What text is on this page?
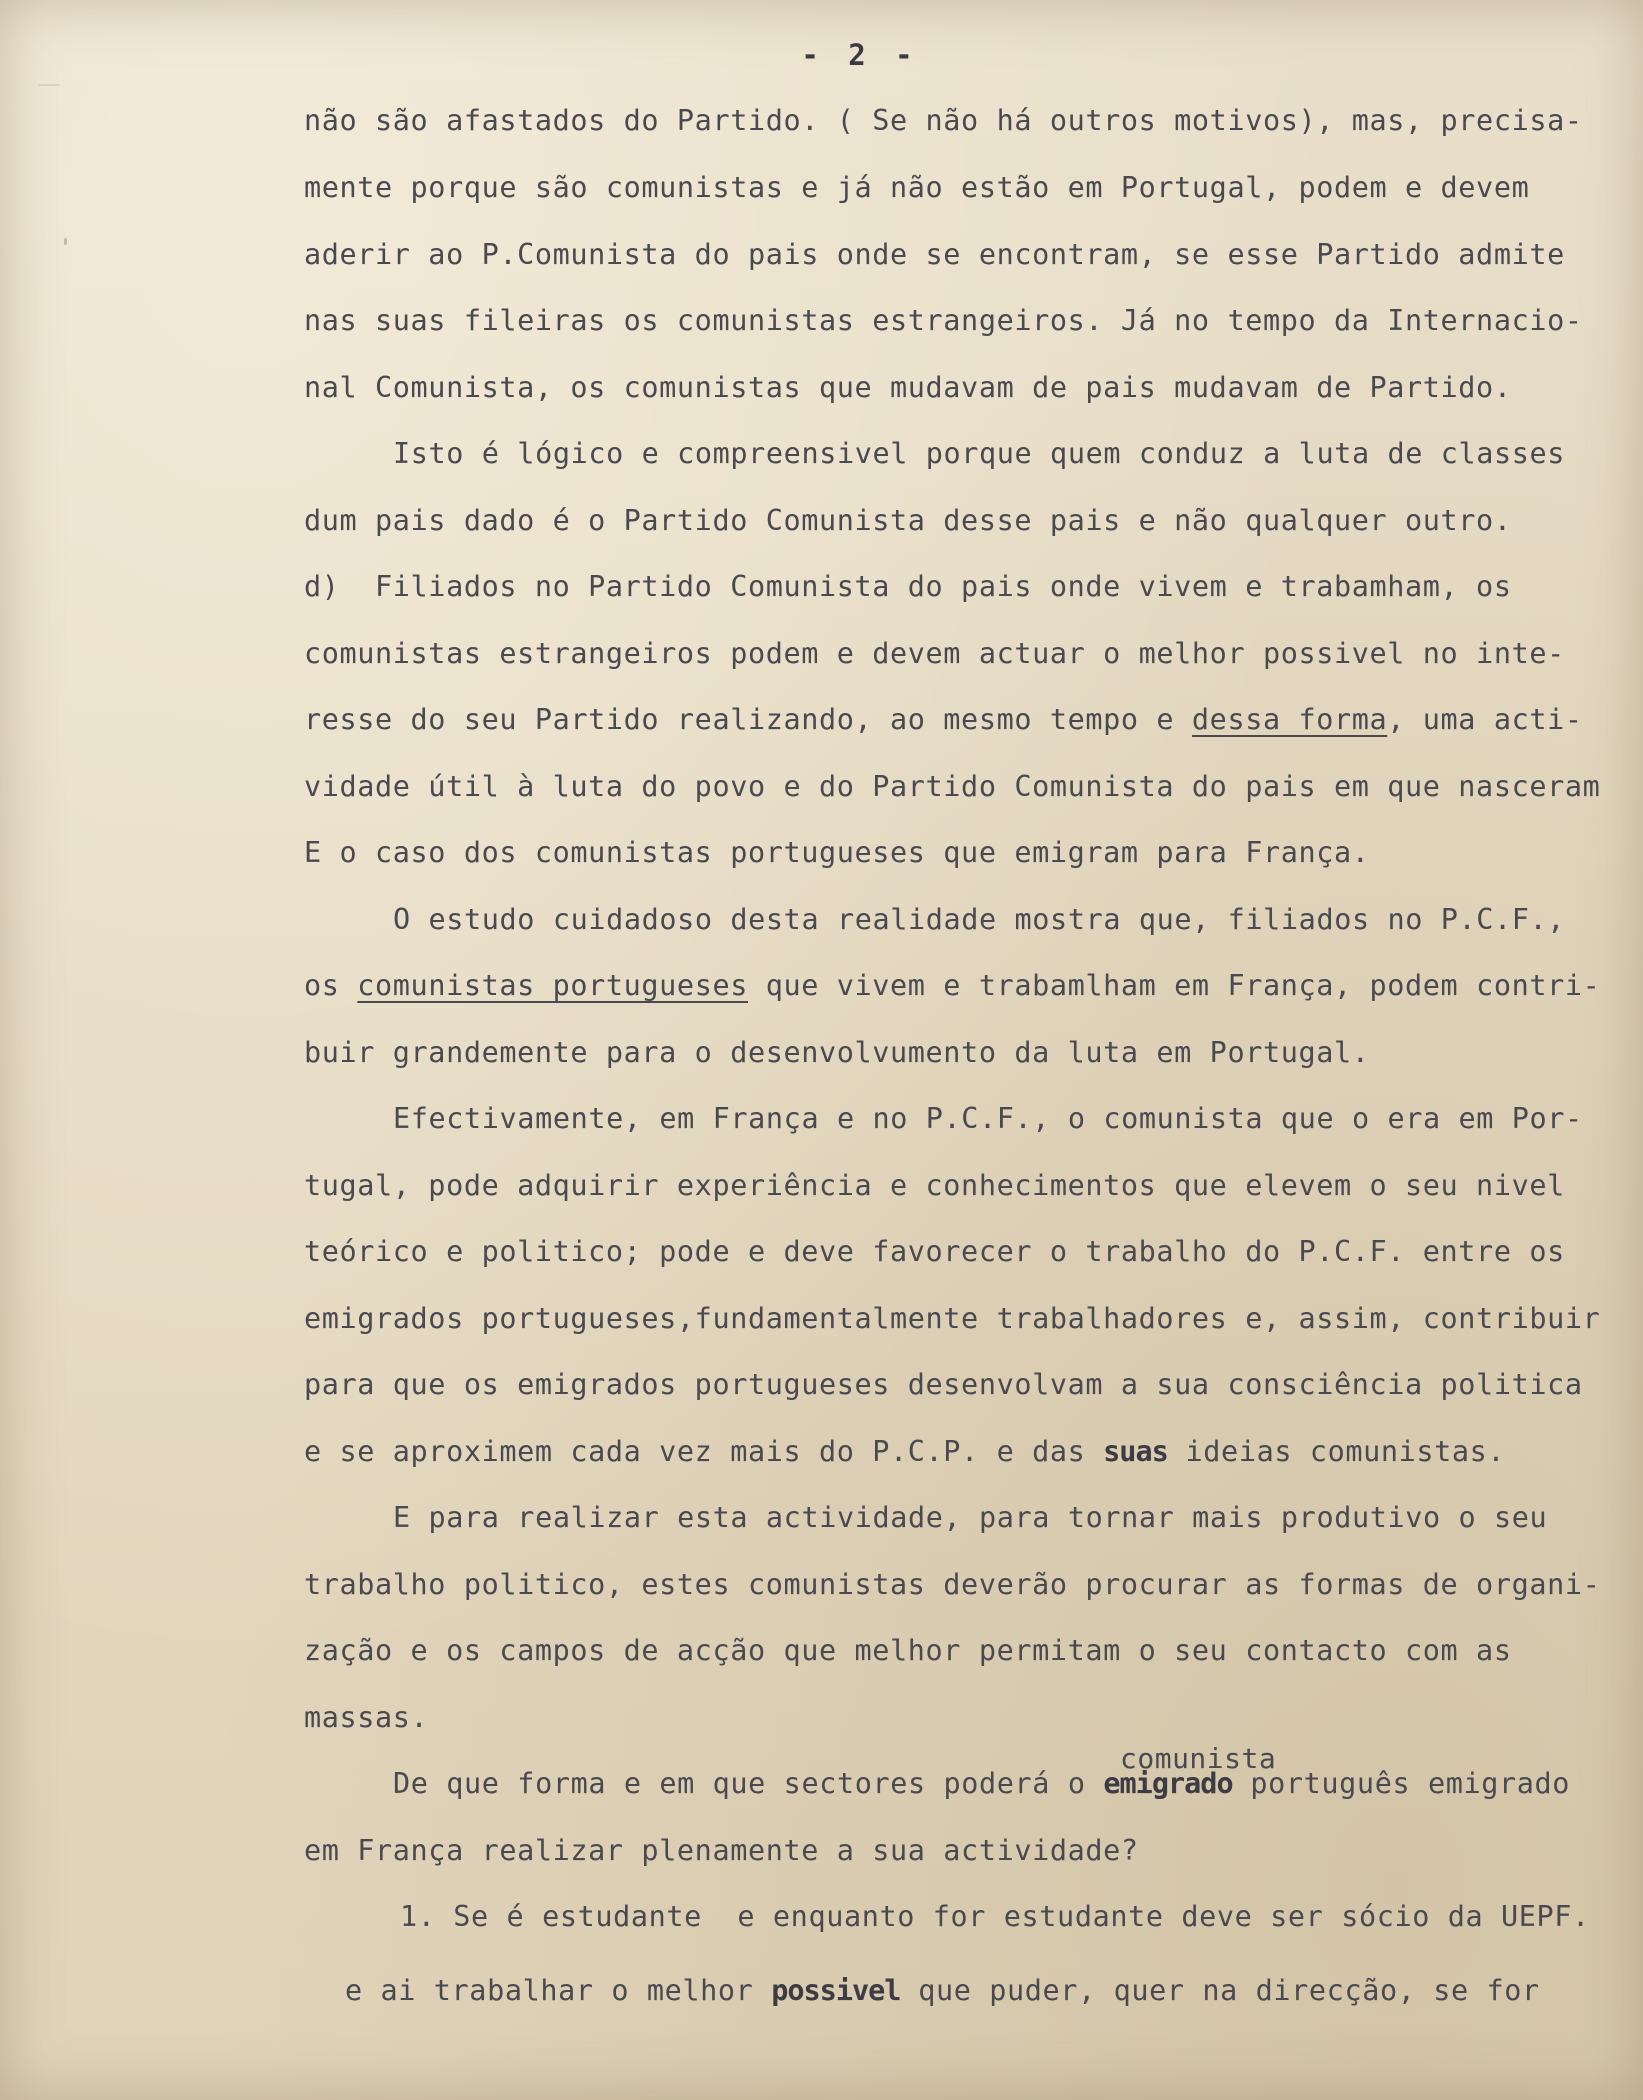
- 2 -
não são afastados do Partido. ( Se não há outros motivos), mas, precisa-
mente porque são comunistas e já não estão em Portugal, podem e devem
aderir ao P.Comunista do pais onde se encontram, se esse Partido admite
nas suas fileiras os comunistas estrangeiros. Já no tempo da Internacio-
nal Comunista, os comunistas que mudavam de pais mudavam de Partido.
Isto é lógico e compreensivel porque quem conduz a luta de classes
dum pais dado é o Partido Comunista desse pais e não qualquer outro.
d)  Filiados no Partido Comunista do pais onde vivem e trabamham, os
comunistas estrangeiros podem e devem actuar o melhor possivel no inte-
resse do seu Partido realizando, ao mesmo tempo e dessa forma, uma acti-
vidade útil à luta do povo e do Partido Comunista do pais em que nasceram
E o caso dos comunistas portugueses que emigram para França.
O estudo cuidadoso desta realidade mostra que, filiados no P.C.F.,
os comunistas portugueses que vivem e trabamlham em França, podem contri-
buir grandemente para o desenvolvumento da luta em Portugal.
Efectivamente, em França e no P.C.F., o comunista que o era em Por-
tugal, pode adquirir experiência e conhecimentos que elevem o seu nivel
teórico e politico; pode e deve favorecer o trabalho do P.C.F. entre os
emigrados portugueses,fundamentalmente trabalhadores e, assim, contribuir
para que os emigrados portugueses desenvolvam a sua consciência politica
e se aproximem cada vez mais do P.C.P. e das suas ideias comunistas.
E para realizar esta actividade, para tornar mais produtivo o seu
trabalho politico, estes comunistas deverão procurar as formas de organi-
zação e os campos de acção que melhor permitam o seu contacto com as
massas.
De que forma e em que sectores poderá o emigrado português emigrado
em França realizar plenamente a sua actividade?
1. Se é estudante  e enquanto for estudante deve ser sócio da UEPF.
e ai trabalhar o melhor possivel que puder, quer na direcção, se for
comunista
